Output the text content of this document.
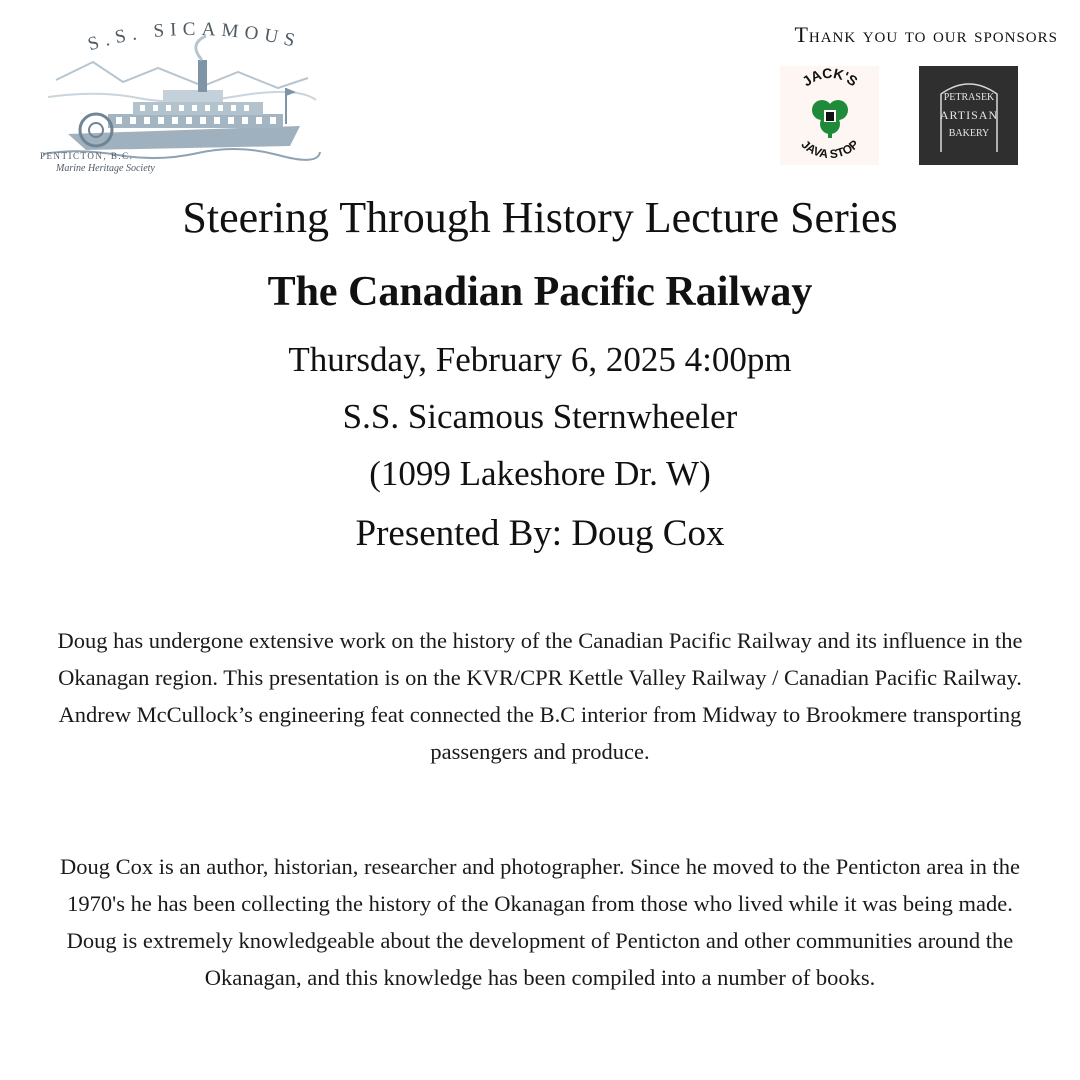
S.S. SICAMOUS
PENTICTON, B.C.
Marine Heritage Society
Thank you to our sponsors
JACK'S
JAVA STOP
PETRASEK
ARTISAN
BAKERY
Steering Through History Lecture Series
The Canadian Pacific Railway
Thursday, February 6, 2025 4:00pm
S.S. Sicamous Sternwheeler
(1099 Lakeshore Dr. W)
Presented By: Doug Cox

Doug has undergone extensive work on the history of the Canadian Pacific Railway and its influence in the Okanagan region. This presentation is on the KVR/CPR Kettle Valley Railway / Canadian Pacific Railway. Andrew McCullock’s engineering feat connected the B.C interior from Midway to Brookmere transporting passengers and produce.

Doug Cox is an author, historian, researcher and photographer. Since he moved to the Penticton area in the 1970's he has been collecting the history of the Okanagan from those who lived while it was being made. Doug is extremely knowledgeable about the development of Penticton and other communities around the Okanagan, and this knowledge has been compiled into a number of books.
